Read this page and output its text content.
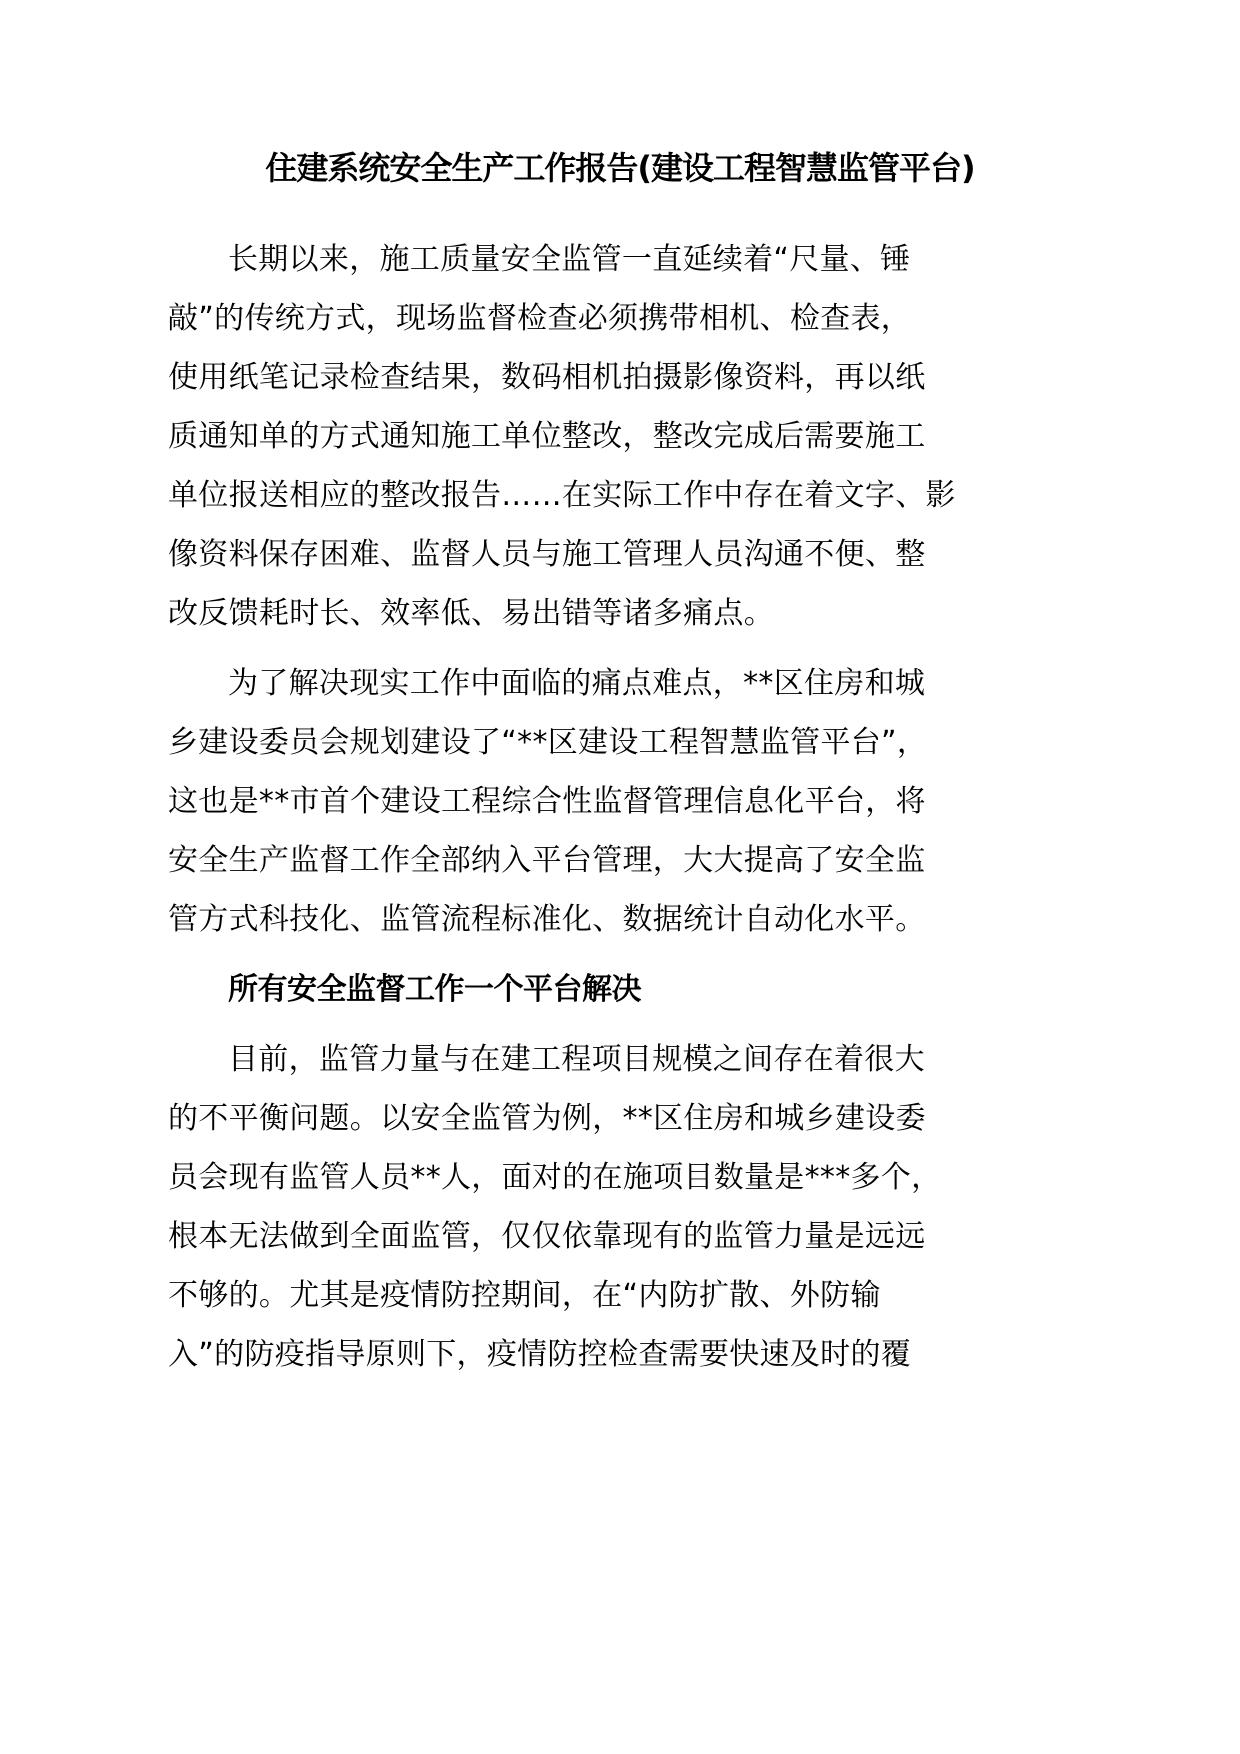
住建系统安全生产工作报告(建设工程智慧监管平台)
长期以来，施工质量安全监管一直延续着“尺量、锤
敲”的传统方式，现场监督检查必须携带相机、检查表，
使用纸笔记录检查结果，数码相机拍摄影像资料，再以纸
质通知单的方式通知施工单位整改，整改完成后需要施工
单位报送相应的整改报告……在实际工作中存在着文字、影
像资料保存困难、监督人员与施工管理人员沟通不便、整
改反馈耗时长、效率低、易出错等诸多痛点。
为了解决现实工作中面临的痛点难点，**区住房和城
乡建设委员会规划建设了“**区建设工程智慧监管平台”，
这也是**市首个建设工程综合性监督管理信息化平台，将
安全生产监督工作全部纳入平台管理，大大提高了安全监
管方式科技化、监管流程标准化、数据统计自动化水平。
所有安全监督工作一个平台解决
目前，监管力量与在建工程项目规模之间存在着很大
的不平衡问题。以安全监管为例，**区住房和城乡建设委
员会现有监管人员**人，面对的在施项目数量是***多个，
根本无法做到全面监管，仅仅依靠现有的监管力量是远远
不够的。尤其是疫情防控期间，在“内防扩散、外防输
入”的防疫指导原则下，疫情防控检查需要快速及时的覆
